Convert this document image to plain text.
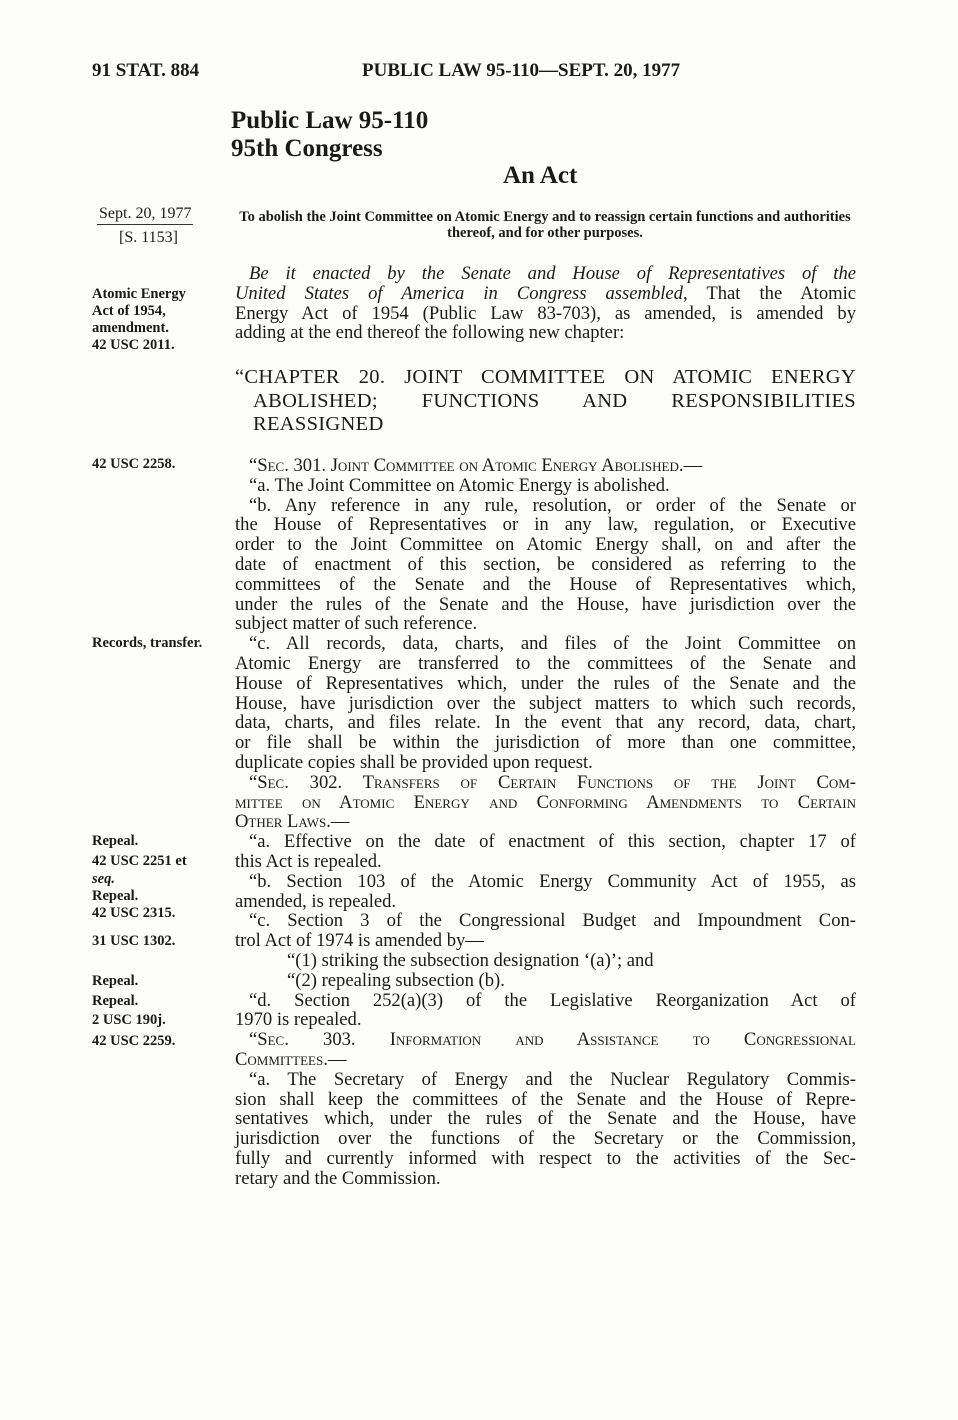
91 STAT. 884	PUBLIC LAW 95-110—SEPT. 20, 1977
Public Law 95-110
95th Congress
An Act
Sept. 20, 1977
[S. 1153]
To abolish the Joint Committee on Atomic Energy and to reassign certain functions and authorities thereof, and for other purposes.
Atomic Energy
Act of 1954,
amendment.
42 USC 2011.
42 USC 2258.
Records, transfer.
Repeal.
42 USC 2251 et
seq.
Repeal.
42 USC 2315.
31 USC 1302.
Repeal.
Repeal.
2 USC 190j.
42 USC 2259.
Be it enacted by the Senate and House of Representatives of the
United States of America in Congress assembled, That the Atomic
Energy Act of 1954 (Public Law 83-703), as amended, is amended by
adding at the end thereof the following new chapter:
“CHAPTER 20. JOINT COMMITTEE ON ATOMIC ENERGY
ABOLISHED; FUNCTIONS AND RESPONSIBILITIES
REASSIGNED
“Sec. 301. Joint Committee on Atomic Energy Abolished.—
“a. The Joint Committee on Atomic Energy is abolished.
“b. Any reference in any rule, resolution, or order of the Senate or
the House of Representatives or in any law, regulation, or Executive
order to the Joint Committee on Atomic Energy shall, on and after the
date of enactment of this section, be considered as referring to the
committees of the Senate and the House of Representatives which,
under the rules of the Senate and the House, have jurisdiction over the
subject matter of such reference.
“c. All records, data, charts, and files of the Joint Committee on
Atomic Energy are transferred to the committees of the Senate and
House of Representatives which, under the rules of the Senate and the
House, have jurisdiction over the subject matters to which such records,
data, charts, and files relate. In the event that any record, data, chart,
or file shall be within the jurisdiction of more than one committee,
duplicate copies shall be provided upon request.
“Sec. 302. Transfers of Certain Functions of the Joint Com-
mittee on Atomic Energy and Conforming Amendments to Certain
Other Laws.—
“a. Effective on the date of enactment of this section, chapter 17 of
this Act is repealed.
“b. Section 103 of the Atomic Energy Community Act of 1955, as
amended, is repealed.
“c. Section 3 of the Congressional Budget and Impoundment Con-
trol Act of 1974 is amended by—
“(1) striking the subsection designation ‘(a)’; and
“(2) repealing subsection (b).
“d. Section 252(a)(3) of the Legislative Reorganization Act of
1970 is repealed.
“Sec. 303. Information and Assistance to Congressional
Committees.—
“a. The Secretary of Energy and the Nuclear Regulatory Commis-
sion shall keep the committees of the Senate and the House of Repre-
sentatives which, under the rules of the Senate and the House, have
jurisdiction over the functions of the Secretary or the Commission,
fully and currently informed with respect to the activities of the Sec-
retary and the Commission.
